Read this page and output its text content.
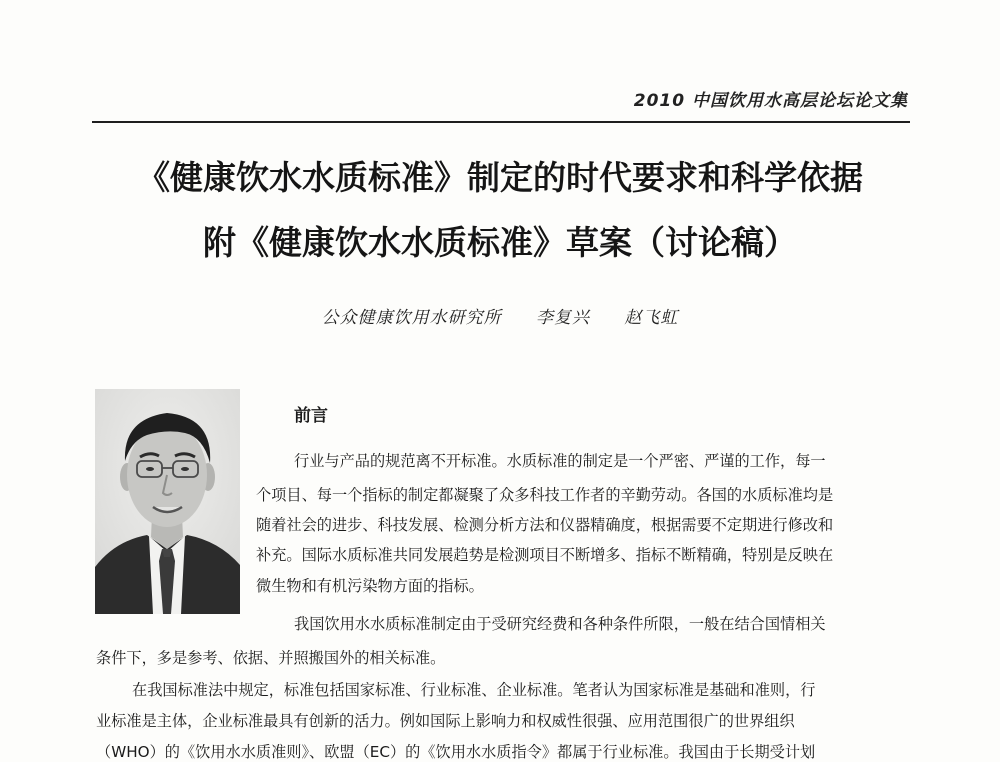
2010 中国饮用水高层论坛论文集
《健康饮水水质标准》制定的时代要求和科学依据
附《健康饮水水质标准》草案（讨论稿）
公众健康饮用水研究所 李复兴 赵飞虹
前言
行业与产品的规范离不开标准。水质标准的制定是一个严密、严谨的工作，每一
个项目、每一个指标的制定都凝聚了众多科技工作者的辛勤劳动。各国的水质标准均是
随着社会的进步、科技发展、检测分析方法和仪器精确度，根据需要不定期进行修改和
补充。国际水质标准共同发展趋势是检测项目不断增多、指标不断精确，特别是反映在
微生物和有机污染物方面的指标。
我国饮用水水质标准制定由于受研究经费和各种条件所限，一般在结合国情相关
条件下，多是参考、依据、并照搬国外的相关标准。
在我国标准法中规定，标准包括国家标准、行业标准、企业标准。笔者认为国家标准是基础和准则，行
业标准是主体，企业标准最具有创新的活力。例如国际上影响力和权威性很强、应用范围很广的世界组织
（WHO）的《饮用水水质准则》、欧盟（EC）的《饮用水水质指令》都属于行业标准。我国由于长期受计划
